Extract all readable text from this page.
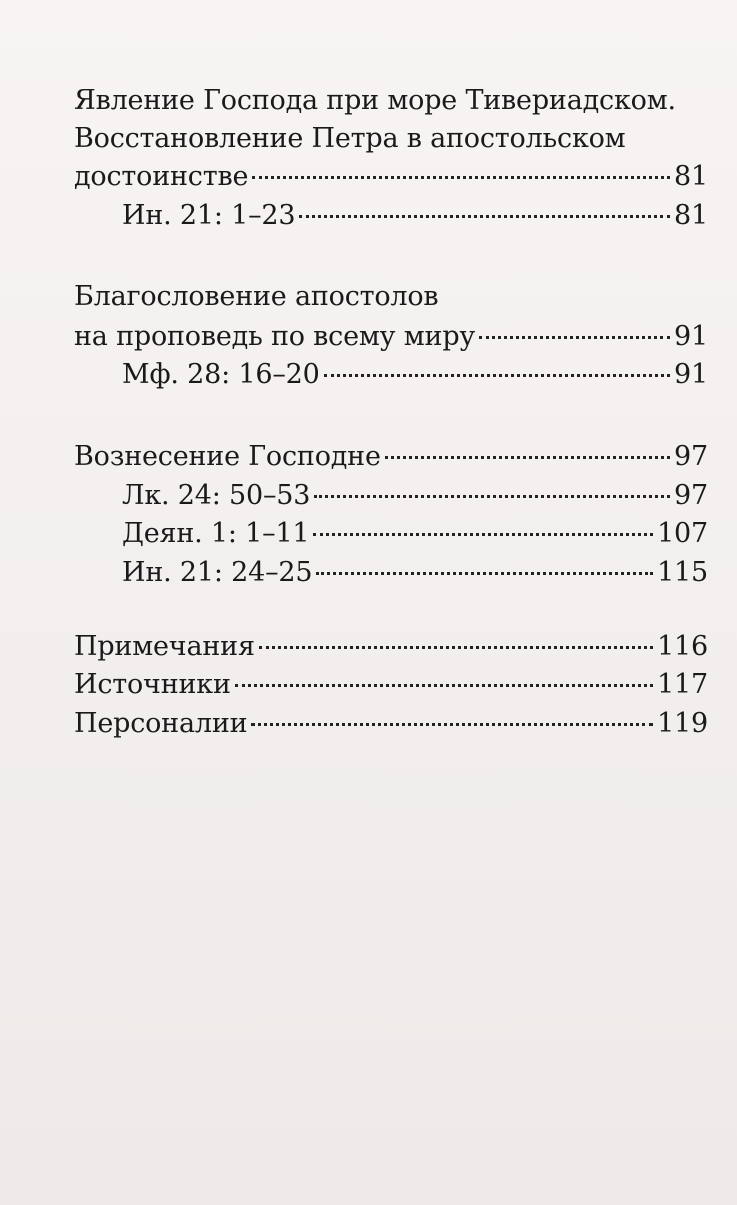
Явление Господа при море Тивериадском.
Восстановление Петра в апостольском
достоинстве	81
Ин. 21: 1–23	81
Благословение апостолов
на проповедь по всему миру	91
Мф. 28: 16–20	91
Вознесение Господне	97
Лк. 24: 50–53	97
Деян. 1: 1–11	107
Ин. 21: 24–25	115
Примечания	116
Источники	117
Персоналии	119
